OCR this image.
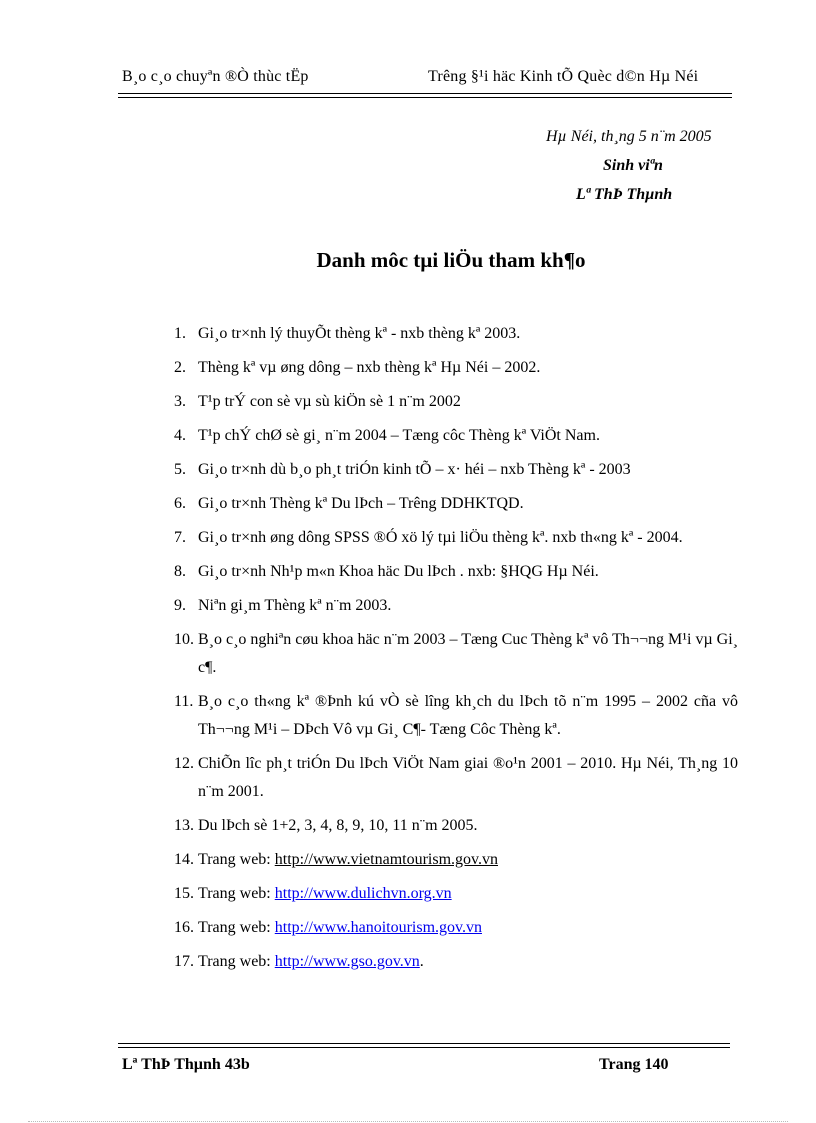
B¸o c¸o chuyªn ®Ò thùc tËp	Trêng §¹i häc Kinh tÕ Quèc d©n Hµ Néi
Hµ Néi, th¸ng 5 n¨m 2005
Sinh viªn
Lª ThÞ Thµnh
Danh môc tµi liÖu tham kh¶o
1. Gi¸o tr×nh lý thuyÕt thèng kª - nxb thèng kª 2003.
2. Thèng kª vµ øng dông – nxb thèng kª Hµ Néi – 2002.
3. T¹p trÝ con sè vµ sù kiÖn sè 1 n¨m 2002
4. T¹p chÝ chØ sè gi¸ n¨m 2004 – Tæng côc Thèng kª ViÖt Nam.
5. Gi¸o tr×nh dù b¸o ph¸t triÓn kinh tÕ – x· héi – nxb Thèng kª - 2003
6. Gi¸o tr×nh Thèng kª Du lÞch – Trêng DDHKTQD.
7. Gi¸o tr×nh øng dông SPSS ®Ó xö lý tµi liÖu thèng kª. nxb th«ng kª - 2004.
8. Gi¸o tr×nh Nh¹p m«n Khoa häc Du lÞch . nxb: §HQG Hµ Néi.
9. Niªn gi¸m Thèng kª n¨m 2003.
10. B¸o c¸o nghiªn cøu khoa häc n¨m 2003 – Tæng Cuc Thèng kª vô Th¬¬ng M¹i vµ Gi¸ c¶.
11. B¸o c¸o th«ng kª ®Þnh kú vÒ sè lîng kh¸ch du lÞch tõ n¨m 1995 – 2002 cña vô Th¬¬ng M¹i – DÞch Vô vµ Gi¸ C¶- Tæng Côc Thèng kª.
12. ChiÕn lîc ph¸t triÓn Du lÞch ViÖt Nam giai ®o¹n 2001 – 2010. Hµ Néi, Th¸ng 10 n¨m 2001.
13. Du lÞch sè 1+2, 3, 4, 8, 9, 10, 11 n¨m 2005.
14. Trang web: http://www.vietnamtourism.gov.vn
15. Trang web: http://www.dulichvn.org.vn
16. Trang web: http://www.hanoitourism.gov.vn
17. Trang web: http://www.gso.gov.vn.
Lª ThÞ Thµnh 43b	Trang 140
